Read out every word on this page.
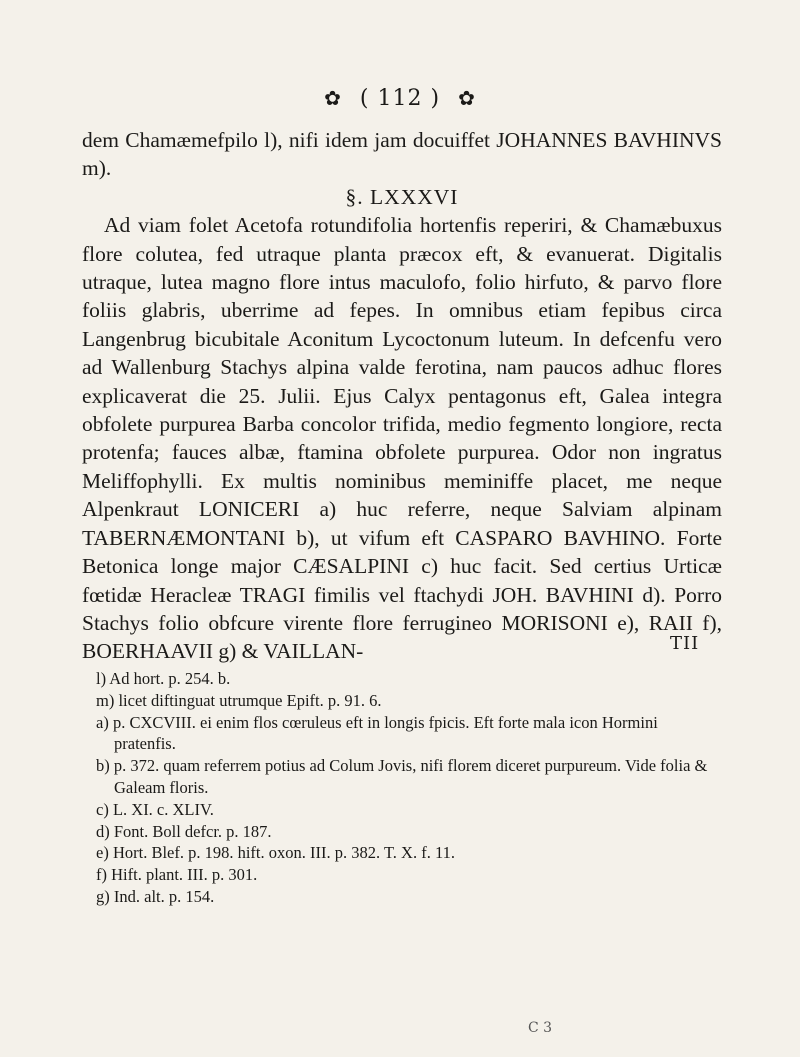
✿ ( 112 ) ✿

dem Chamæmefpilo l), nifi idem jam docuiffet JOHANNES BAVHINVS m).

§. LXXXVI

Ad viam folet Acetofa rotundifolia hortenfis reperiri, & Chamæbuxus flore colutea, fed utraque planta præcox eft, & evanuerat. Digitalis utraque, lutea magno flore intus maculofo, folio hirfuto, & parvo flore foliis glabris, uberrime ad fepes. In omnibus etiam fepibus circa Langenbrug bicubitale Aconitum Lycoctonum luteum. In defcenfu vero ad Wallenburg Stachys alpina valde ferotina, nam paucos adhuc flores explicaverat die 25. Julii. Ejus Calyx pentagonus eft, Galea integra obfolete purpurea Barba concolor trifida, medio fegmento longiore, recta protenfa; fauces albæ, ftamina obfolete purpurea. Odor non ingratus Meliffophylli. Ex multis nominibus meminiffe placet, me neque Alpenkraut LONICERI a) huc referre, neque Salviam alpinam TABERNÆMONTANI b), ut vifum eft CASPARO BAVHINO. Forte Betonica longe major CÆSALPINI c) huc facit. Sed certius Urticæ fœtidæ Heracleæ TRAGI fimilis vel ftachydi JOH. BAVHINI d). Porro Stachys folio obfcure virente flore ferrugineo MORISONI e), RAII f), BOERHAAVII g) & VAILLAN-	TII

l) Ad hort. p. 254. b.

m) licet diftinguat utrumque Epift. p. 91. 6.

a) p. CXCVIII. ei enim flos cœruleus eft in longis fpicis. Eft forte mala icon Hormini pratenfis.

b) p. 372. quam referrem potius ad Colum Jovis, nifi florem diceret purpureum. Vide folia & Galeam floris.

c) L. XI. c. XLIV.

d) Font. Boll defcr. p. 187.

e) Hort. Blef. p. 198. hift. oxon. III. p. 382. T. X. f. 11.

f) Hift. plant. III. p. 301.

g) Ind. alt. p. 154.

C 3
